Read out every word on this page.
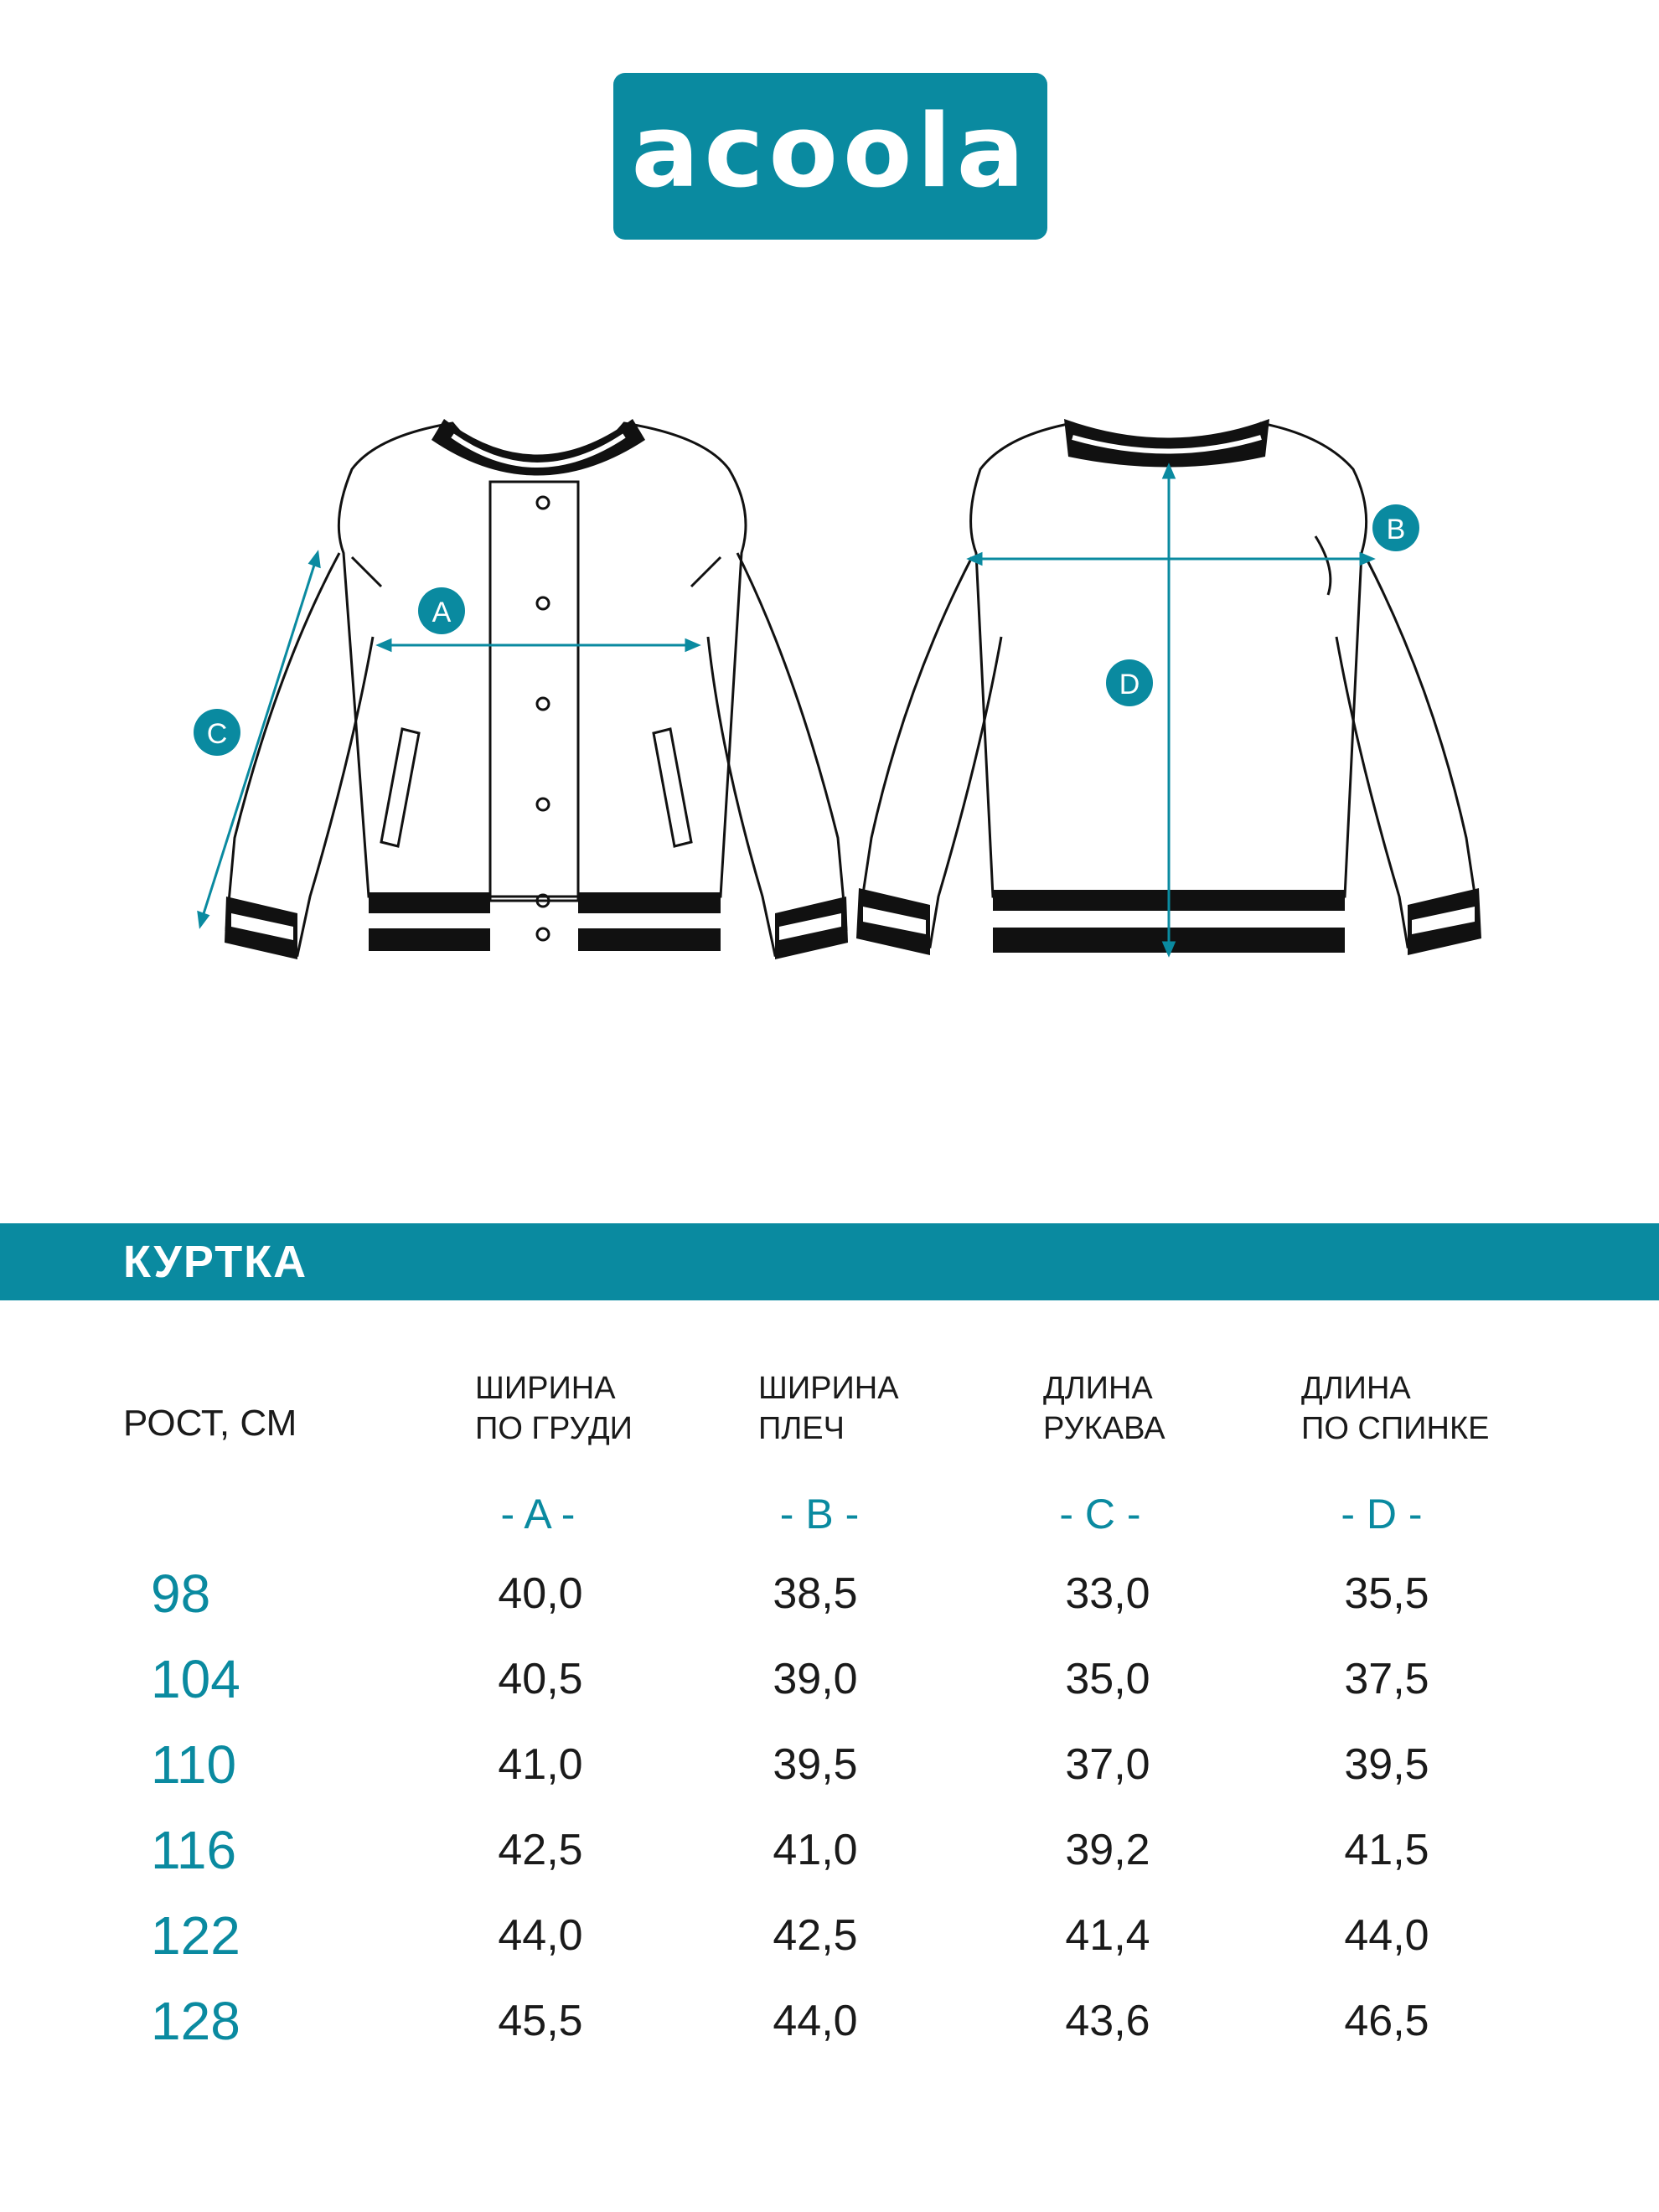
acoola
A
B
C
D
КУРТКА
РОСТ, СМ
ШИРИНА
ПО ГРУДИ
ШИРИНА
ПЛЕЧ
ДЛИНА
РУКАВА
ДЛИНА
ПО СПИНКЕ
- A -	- B -	- C -	- D -
98	40,0	38,5	33,0	35,5
104	40,5	39,0	35,0	37,5
110	41,0	39,5	37,0	39,5
116	42,5	41,0	39,2	41,5
122	44,0	42,5	41,4	44,0
128	45,5	44,0	43,6	46,5
